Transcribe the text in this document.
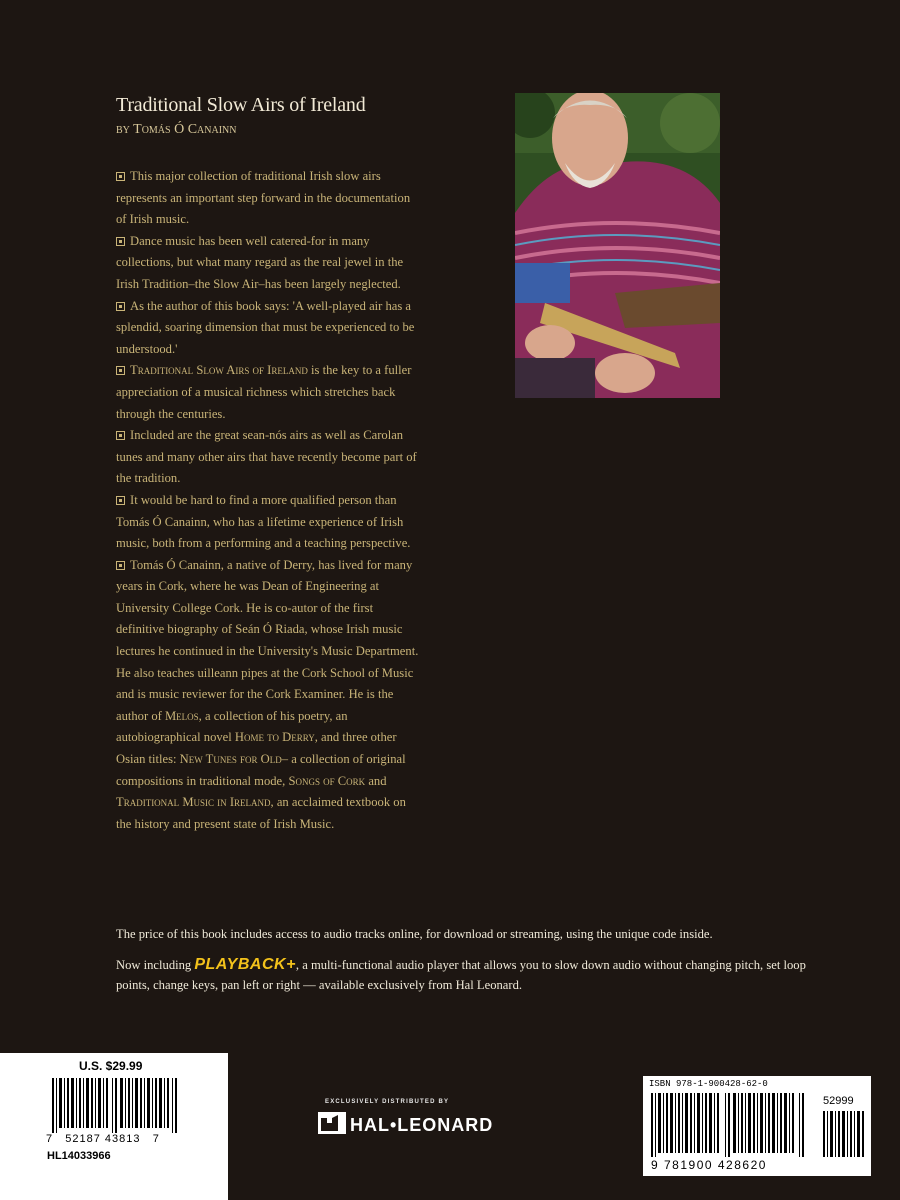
Traditional Slow Airs of Ireland
by Tomás Ó Canainn

This major collection of traditional Irish slow airs represents an important step forward in the documentation of Irish music.

Dance music has been well catered-for in many collections, but what many regard as the real jewel in the Irish Tradition–the Slow Air–has been largely neglected.

As the author of this book says: 'A well-played air has a splendid, soaring dimension that must be experienced to be understood.'

Traditional Slow Airs of Ireland is the key to a fuller appreciation of a musical richness which stretches back through the centuries.

Included are the great sean-nós airs as well as Carolan tunes and many other airs that have recently become part of the tradition.

It would be hard to find a more qualified person than Tomás Ó Canainn, who has a lifetime experience of Irish music, both from a performing and a teaching perspective.

Tomás Ó Canainn, a native of Derry, has lived for many years in Cork, where he was Dean of Engineering at University College Cork. He is co-autor of the first definitive biography of Seán Ó Riada, whose Irish music lectures he continued in the University's Music Department. He also teaches uilleann pipes at the Cork School of Music and is music reviewer for the Cork Examiner. He is the author of Melos, a collection of his poetry, an autobiographical novel Home to Derry, and three other Osian titles: New Tunes for Old– a collection of original compositions in traditional mode, Songs of Cork and Traditional Music in Ireland, an acclaimed textbook on the history and present state of Irish Music.

The price of this book includes access to audio tracks online, for download or streaming, using the unique code inside.
Now including PLAYBACK+, a multi-functional audio player that allows you to slow down audio without changing pitch, set loop points, change keys, pan left or right — available exclusively from Hal Leonard.
U.S. $29.99
7   52187 43813   7
HL14033966
EXCLUSIVELY DISTRIBUTED BY
HAL•LEONARD
ISBN 978-1-900428-62-0
52999
9 781900 428620
